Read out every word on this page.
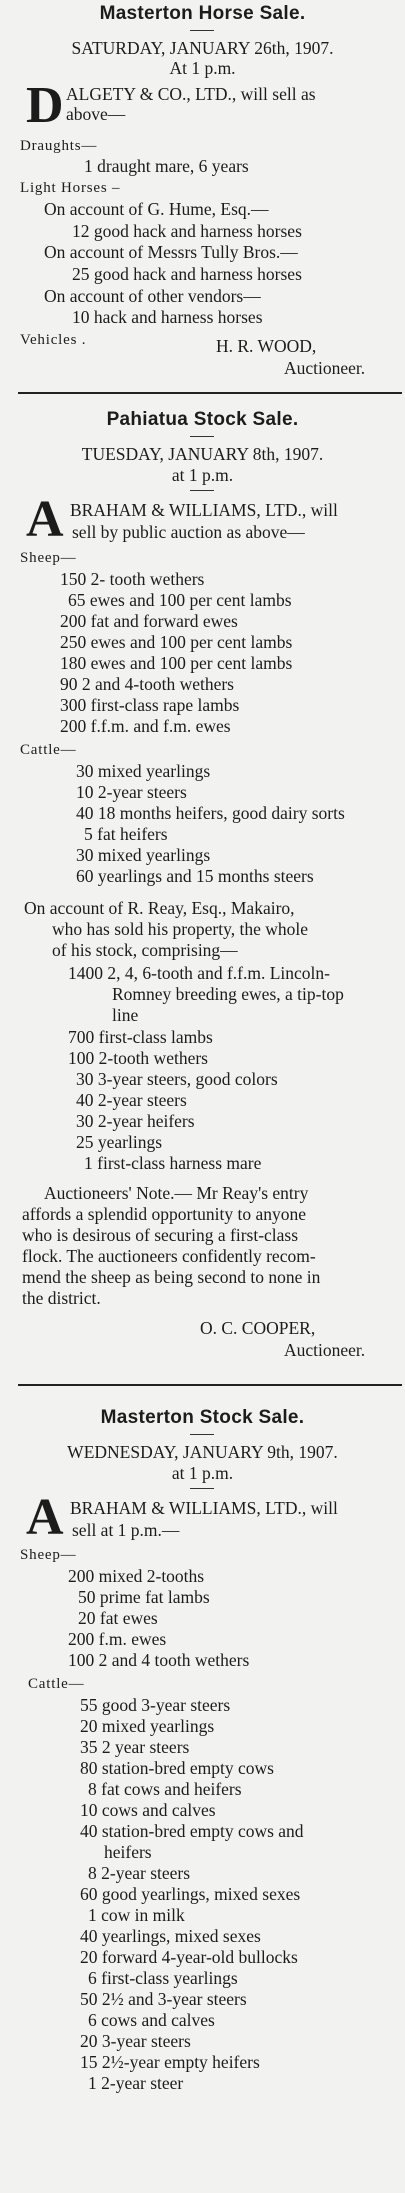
Masterton Horse Sale.
SATURDAY, JANUARY 26th, 1907.
At 1 p.m.
D ALGETY & CO., LTD., will sell as
above—
Draughts—
1 draught mare, 6 years
Light Horses –
On account of G. Hume, Esq.—
12 good hack and harness horses
On account of Messrs Tully Bros.—
25 good hack and harness horses
On account of other vendors—
10 hack and harness horses
Vehicles .	H. R. WOOD,
Auctioneer.
Pahiatua Stock Sale.
TUESDAY, JANUARY 8th, 1907.
at 1 p.m.
A BRAHAM & WILLIAMS, LTD., will
sell by public auction as above—
Sheep—
150 2- tooth wethers
65 ewes and 100 per cent lambs
200 fat and forward ewes
250 ewes and 100 per cent lambs
180 ewes and 100 per cent lambs
90 2 and 4-tooth wethers
300 first-class rape lambs
200 f.f.m. and f.m. ewes
Cattle—
30 mixed yearlings
10 2-year steers
40 18 months heifers, good dairy sorts
5 fat heifers
30 mixed yearlings
60 yearlings and 15 months steers
On account of R. Reay, Esq., Makairo,
who has sold his property, the whole
of his stock, comprising—
1400 2, 4, 6-tooth and f.f.m. Lincoln-
Romney breeding ewes, a tip-top
line
700 first-class lambs
100 2-tooth wethers
30 3-year steers, good colors
40 2-year steers
30 2-year heifers
25 yearlings
1 first-class harness mare
Auctioneers' Note.— Mr Reay's entry
affords a splendid opportunity to anyone
who is desirous of securing a first-class
flock. The auctioneers confidently recom-
mend the sheep as being second to none in
the district.
O. C. COOPER,
Auctioneer.
Masterton Stock Sale.
WEDNESDAY, JANUARY 9th, 1907.
at 1 p.m.
A BRAHAM & WILLIAMS, LTD., will
sell at 1 p.m.—
Sheep—
200 mixed 2-tooths
50 prime fat lambs
20 fat ewes
200 f.m. ewes
100 2 and 4 tooth wethers
Cattle—
55 good 3-year steers
20 mixed yearlings
35 2 year steers
80 station-bred empty cows
8 fat cows and heifers
10 cows and calves
40 station-bred empty cows and
heifers
8 2-year steers
60 good yearlings, mixed sexes
1 cow in milk
40 yearlings, mixed sexes
20 forward 4-year-old bullocks
6 first-class yearlings
50 2½ and 3-year steers
6 cows and calves
20 3-year steers
15 2½-year empty heifers
1 2-year steer
